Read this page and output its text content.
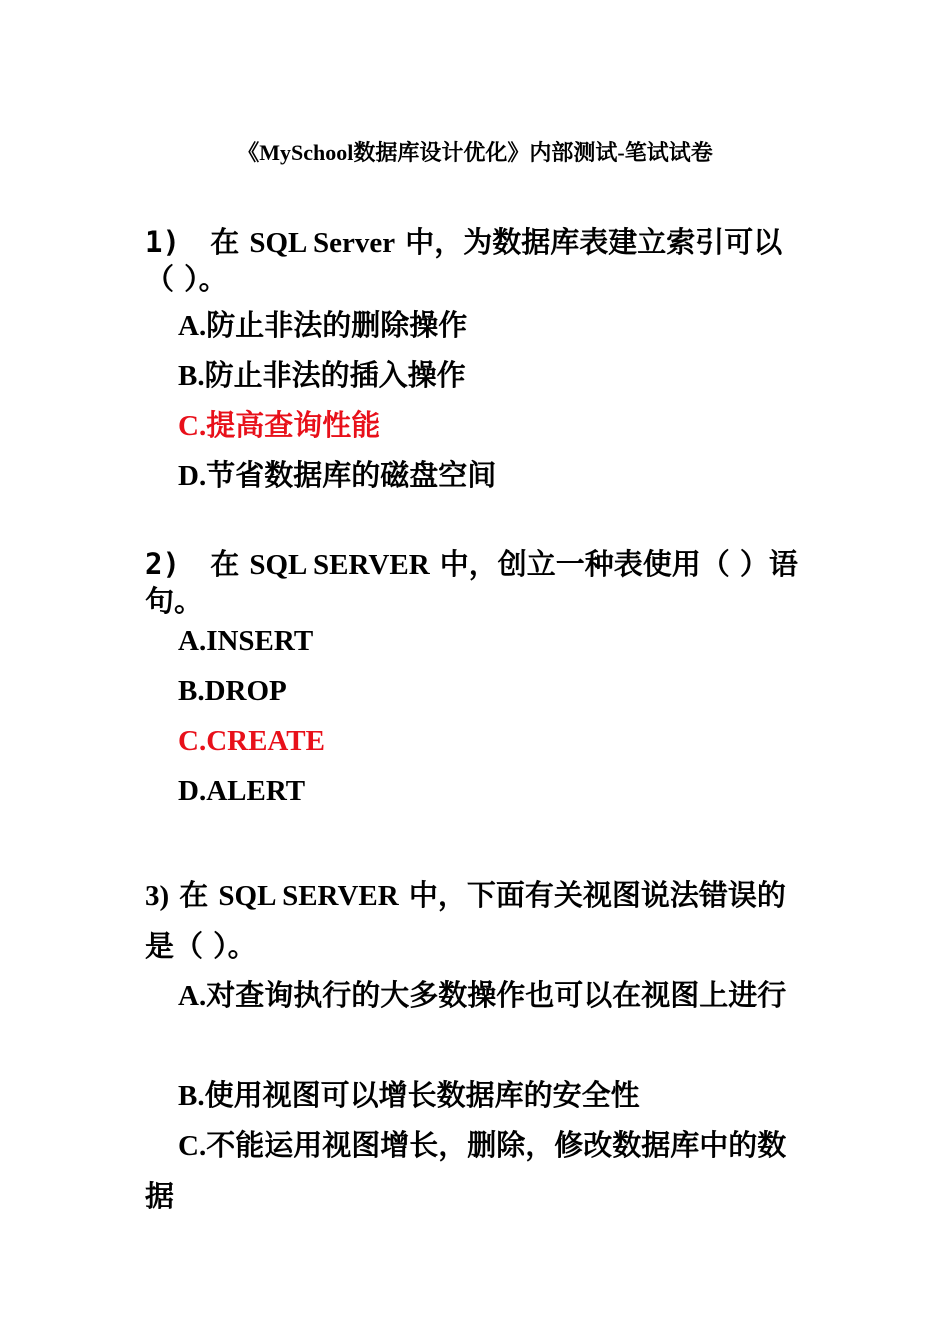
《MySchool数据库设计优化》内部测试-笔试试卷
1) 在 SQL Server 中，为数据库表建立索引可以（ ）。
A.防止非法的删除操作
B.防止非法的插入操作
C.提高查询性能
D.节省数据库的磁盘空间
2) 在 SQL SERVER 中，创立一种表使用（ ）语句。
A.INSERT
B.DROP
C.CREATE
D.ALERT
3) 在 SQL SERVER 中，下面有关视图说法错误的是（ ）。
A.对查询执行的大多数操作也可以在视图上进行
B.使用视图可以增长数据库的安全性
C.不能运用视图增长，删除，修改数据库中的数据
